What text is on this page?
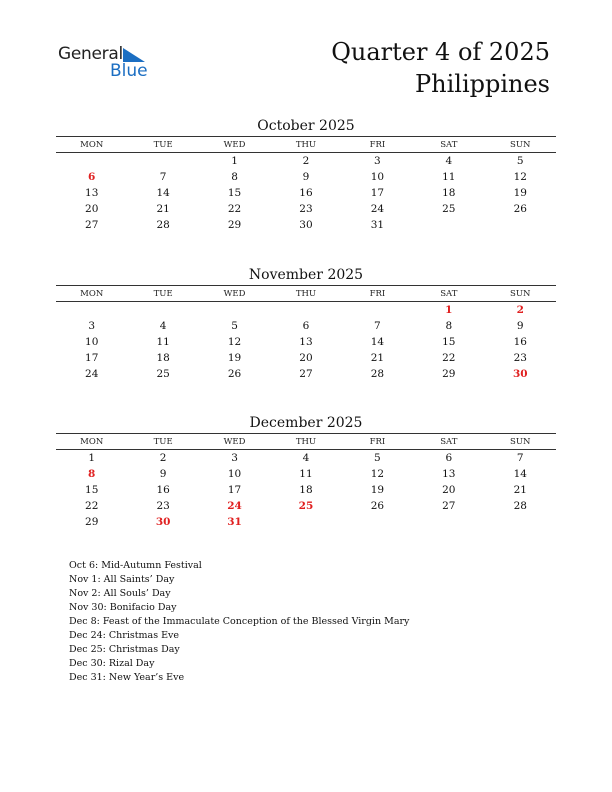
General
Blue
Quarter 4 of 2025
Philippines
October 2025
MON	TUE	WED	THU	FRI	SAT	SUN
		1	2	3	4	5
6	7	8	9	10	11	12
13	14	15	16	17	18	19
20	21	22	23	24	25	26
27	28	29	30	31		
November 2025
MON	TUE	WED	THU	FRI	SAT	SUN
					1	2
3	4	5	6	7	8	9
10	11	12	13	14	15	16
17	18	19	20	21	22	23
24	25	26	27	28	29	30
December 2025
MON	TUE	WED	THU	FRI	SAT	SUN
1	2	3	4	5	6	7
8	9	10	11	12	13	14
15	16	17	18	19	20	21
22	23	24	25	26	27	28
29	30	31				
Oct 6: Mid-Autumn Festival
Nov 1: All Saints’ Day
Nov 2: All Souls’ Day
Nov 30: Bonifacio Day
Dec 8: Feast of the Immaculate Conception of the Blessed Virgin Mary
Dec 24: Christmas Eve
Dec 25: Christmas Day
Dec 30: Rizal Day
Dec 31: New Year’s Eve
